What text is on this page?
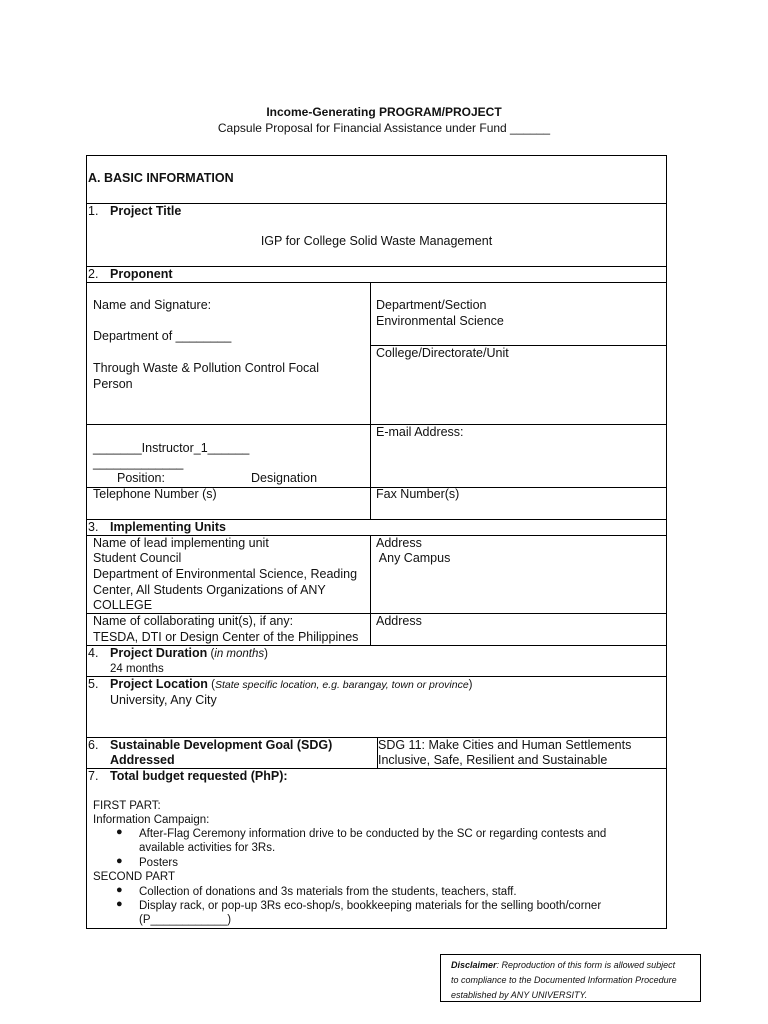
Income-Generating PROGRAM/PROJECT
Capsule Proposal for Financial Assistance under Fund ______
A. BASIC INFORMATION
1. Project Title
IGP for College Solid Waste Management
2. Proponent
Name and Signature:
Department of ________
Through Waste & Pollution Control Focal
Person
Department/Section
Environmental Science
College/Directorate/Unit
E-mail Address:
_______Instructor_1______
_____________
Position:	Designation
Telephone Number (s)	Fax Number(s)
3. Implementing Units
Name of lead implementing unit
Student Council
Department of Environmental Science, Reading
Center, All Students Organizations of ANY
COLLEGE
Address
Any Campus
Name of collaborating unit(s), if any:
TESDA, DTI or Design Center of the Philippines
Address
4. Project Duration (in months)
24 months
5. Project Location (State specific location, e.g. barangay, town or province)
University, Any City
6. Sustainable Development Goal (SDG)
Addressed
SDG 11: Make Cities and Human Settlements
Inclusive, Safe, Resilient and Sustainable
7. Total budget requested (PhP):
FIRST PART:
Information Campaign:
● After-Flag Ceremony information drive to be conducted by the SC or regarding contests and
available activities for 3Rs.
● Posters
SECOND PART
● Collection of donations and 3s materials from the students, teachers, staff.
● Display rack, or pop-up 3Rs eco-shop/s, bookkeeping materials for the selling booth/corner
(P____________)
Disclaimer: Reproduction of this form is allowed subject
to compliance to the Documented Information Procedure
established by ANY UNIVERSITY.
